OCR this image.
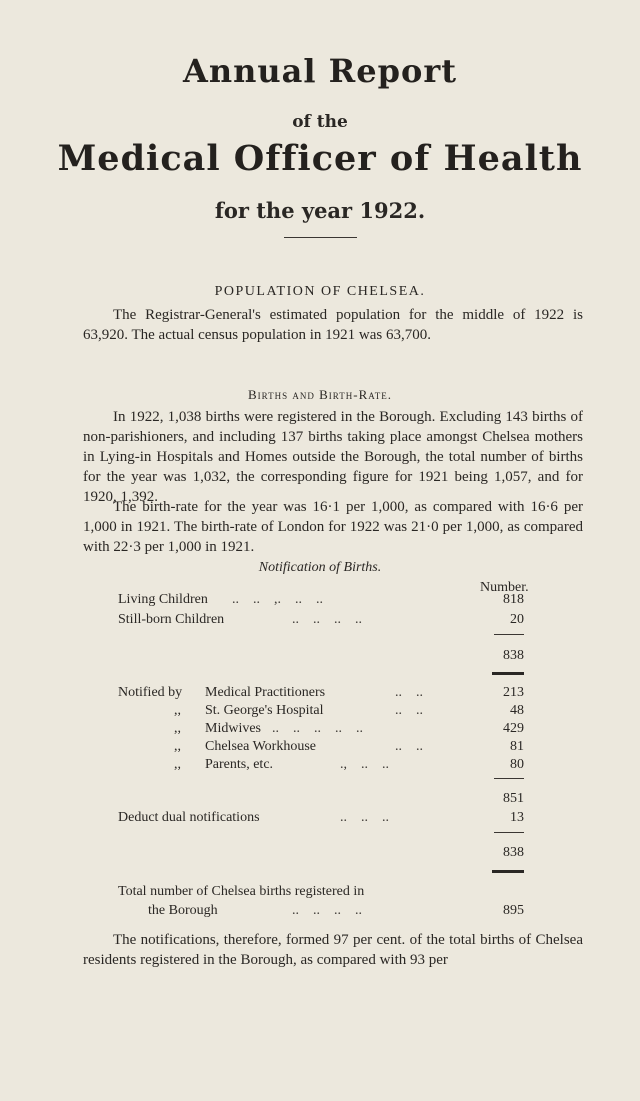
Annual Report
of the
Medical Officer of Health
for the year 1922.
POPULATION OF CHELSEA.
The Registrar-General's estimated population for the middle of 1922 is 63,920. The actual census population in 1921 was 63,700.
Births and Birth-Rate.
In 1922, 1,038 births were registered in the Borough. Excluding 143 births of non-parishioners, and including 137 births taking place amongst Chelsea mothers in Lying-in Hospitals and Homes outside the Borough, the total number of births for the year was 1,032, the corresponding figure for 1921 being 1,057, and for 1920, 1,392.
The birth-rate for the year was 16·1 per 1,000, as compared with 16·6 per 1,000 in 1921. The birth-rate of London for 1922 was 21·0 per 1,000, as compared with 22·3 per 1,000 in 1921.
Notification of Births.
Number.
Living Children ..    ..    ,.    ..    ..	818
Still-born Children	..    ..    ..    ..	20
838
Notified by Medical Practitioners	..    ..	213
,, St. George's Hospital	..    ..	48
,, Midwives ..    ..    ..    ..    ..	429
,, Chelsea Workhouse	..    ..	81
,, Parents, etc.	.,    ..    ..	80
851
Deduct dual notifications	..    ..    ..	13
838
Total number of Chelsea births registered in
the Borough	..    ..    ..    ..	895
The notifications, therefore, formed 97 per cent. of the total births of Chelsea residents registered in the Borough, as compared with 93 per
